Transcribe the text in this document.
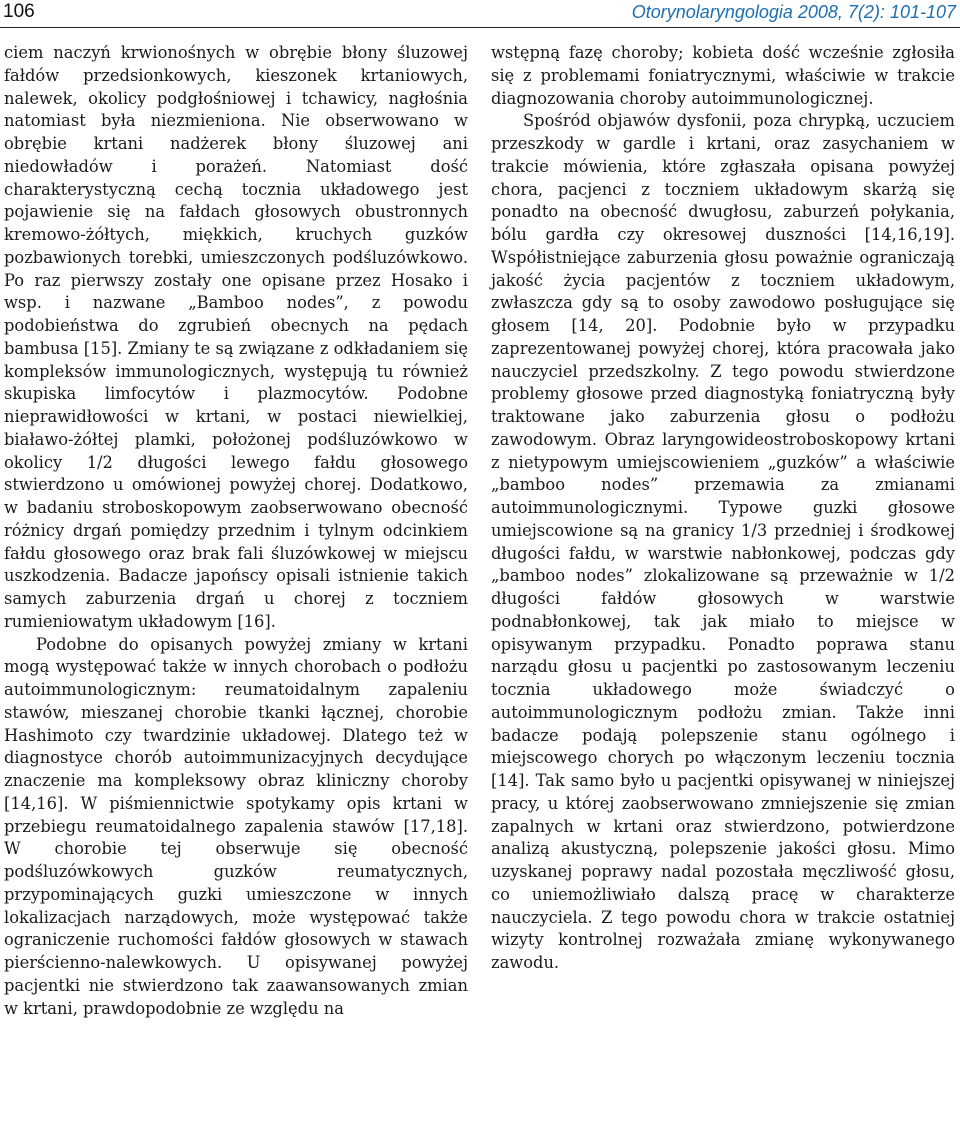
106	Otorynolaryngologia 2008, 7(2): 101-107

ciem naczyń krwionośnych w obrębie błony śluzowej fałdów przedsionkowych, kieszonek krtaniowych, nalewek, okolicy podgłośniowej i tchawicy, nagłośnia natomiast była niezmieniona. Nie obserwowano w obrębie krtani nadżerek błony śluzowej ani niedowładów i porażeń. Natomiast dość charakterystyczną cechą tocznia układowego jest pojawienie się na fałdach głosowych obustronnych kremowo-żółtych, miękkich, kruchych guzków pozbawionych torebki, umieszczonych podśluzówkowo. Po raz pierwszy zostały one opisane przez Hosako i wsp. i nazwane „Bamboo nodes”, z powodu podobieństwa do zgrubień obecnych na pędach bambusa [15]. Zmiany te są związane z odkładaniem się kompleksów immunologicznych, występują tu również skupiska limfocytów i plazmocytów. Podobne nieprawidłowości w krtani, w postaci niewielkiej, białawo-żółtej plamki, położonej podśluzówkowo w okolicy 1/2 długości lewego fałdu głosowego stwierdzono u omówionej powyżej chorej. Dodatkowo, w badaniu stroboskopowym zaobserwowano obecność różnicy drgań pomiędzy przednim i tylnym odcinkiem fałdu głosowego oraz brak fali śluzówkowej w miejscu uszkodzenia. Badacze japońscy opisali istnienie takich samych zaburzenia drgań u chorej z toczniem rumieniowatym układowym [16].

Podobne do opisanych powyżej zmiany w krtani mogą występować także w innych chorobach o podłożu autoimmunologicznym: reumatoidalnym zapaleniu stawów, mieszanej chorobie tkanki łącznej, chorobie Hashimoto czy twardzinie układowej. Dlatego też w diagnostyce chorób autoimmunizacyjnych decydujące znaczenie ma kompleksowy obraz kliniczny choroby [14,16]. W piśmiennictwie spotykamy opis krtani w przebiegu reumatoidalnego zapalenia stawów [17,18]. W chorobie tej obserwuje się obecność podśluzówkowych guzków reumatycznych, przypominających guzki umieszczone w innych lokalizacjach narządowych, może występować także ograniczenie ruchomości fałdów głosowych w stawach pierścienno-nalewkowych. U opisywanej powyżej pacjentki nie stwierdzono tak zaawansowanych zmian w krtani, prawdopodobnie ze względu na

wstępną fazę choroby; kobieta dość wcześnie zgłosiła się z problemami foniatrycznymi, właściwie w trakcie diagnozowania choroby autoimmunologicznej.

Spośród objawów dysfonii, poza chrypką, uczuciem przeszkody w gardle i krtani, oraz zasychaniem w trakcie mówienia, które zgłaszała opisana powyżej chora, pacjenci z toczniem układowym skarżą się ponadto na obecność dwugłosu, zaburzeń połykania, bólu gardła czy okresowej duszności [14,16,19]. Współistniejące zaburzenia głosu poważnie ograniczają jakość życia pacjentów z toczniem układowym, zwłaszcza gdy są to osoby zawodowo posługujące się głosem [14, 20]. Podobnie było w przypadku zaprezentowanej powyżej chorej, która pracowała jako nauczyciel przedszkolny. Z tego powodu stwierdzone problemy głosowe przed diagnostyką foniatryczną były traktowane jako zaburzenia głosu o podłożu zawodowym. Obraz laryngowideostroboskopowy krtani z nietypowym umiejscowieniem „guzków” a właściwie „bamboo nodes” przemawia za zmianami autoimmunologicznymi. Typowe guzki głosowe umiejscowione są na granicy 1/3 przedniej i środkowej długości fałdu, w warstwie nabłonkowej, podczas gdy „bamboo nodes” zlokalizowane są przeważnie w 1/2 długości fałdów głosowych w warstwie podnabłonkowej, tak jak miało to miejsce w opisywanym przypadku. Ponadto poprawa stanu narządu głosu u pacjentki po zastosowanym leczeniu tocznia układowego może świadczyć o autoimmunologicznym podłożu zmian. Także inni badacze podają polepszenie stanu ogólnego i miejscowego chorych po włączonym leczeniu tocznia [14]. Tak samo było u pacjentki opisywanej w niniejszej pracy, u której zaobserwowano zmniejszenie się zmian zapalnych w krtani oraz stwierdzono, potwierdzone analizą akustyczną, polepszenie jakości głosu. Mimo uzyskanej poprawy nadal pozostała męczliwość głosu, co uniemożliwiało dalszą pracę w charakterze nauczyciela. Z tego powodu chora w trakcie ostatniej wizyty kontrolnej rozważała zmianę wykonywanego zawodu.
